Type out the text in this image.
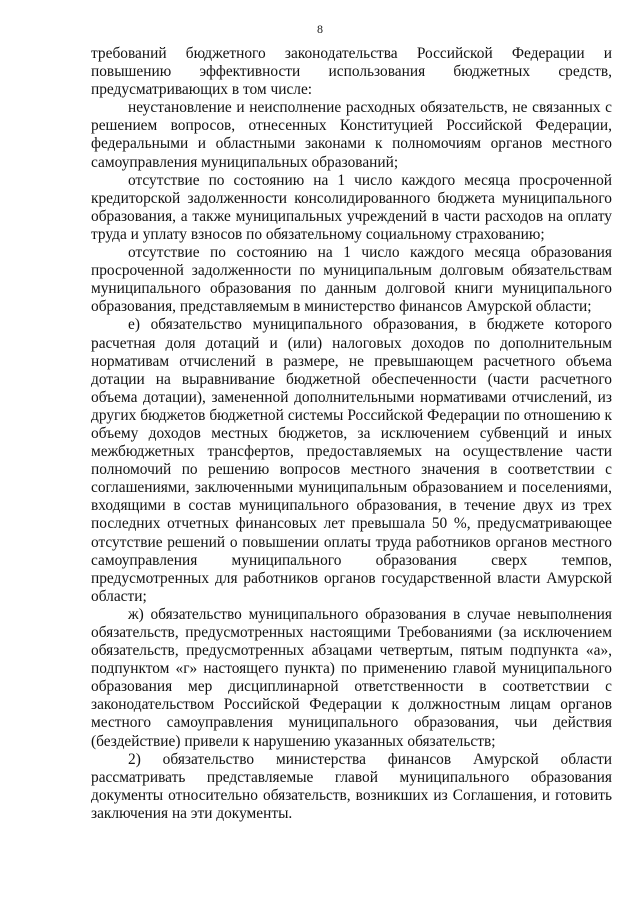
8

требований бюджетного законодательства Российской Федерации и повышению эффективности использования бюджетных средств, предусматривающих в том числе:

неустановление и неисполнение расходных обязательств, не связанных с решением вопросов, отнесенных Конституцией Российской Федерации, федеральными и областными законами к полномочиям органов местного самоуправления муниципальных образований;

отсутствие по состоянию на 1 число каждого месяца просроченной кредиторской задолженности консолидированного бюджета муниципального образования, а также муниципальных учреждений в части расходов на оплату труда и уплату взносов по обязательному социальному страхованию;

отсутствие по состоянию на 1 число каждого месяца образования просроченной задолженности по муниципальным долговым обязательствам муниципального образования по данным долговой книги муниципального образования, представляемым в министерство финансов Амурской области;

е) обязательство муниципального образования, в бюджете которого расчетная доля дотаций и (или) налоговых доходов по дополнительным нормативам отчислений в размере, не превышающем расчетного объема дотации на выравнивание бюджетной обеспеченности (части расчетного объема дотации), замененной дополнительными нормативами отчислений, из других бюджетов бюджетной системы Российской Федерации по отношению к объему доходов местных бюджетов, за исключением субвенций и иных межбюджетных трансфертов, предоставляемых на осуществление части полномочий по решению вопросов местного значения в соответствии с соглашениями, заключенными муниципальным образованием и поселениями, входящими в состав муниципального образования, в течение двух из трех последних отчетных финансовых лет превышала 50 %, предусматривающее отсутствие решений о повышении оплаты труда работников органов местного самоуправления муниципального образования сверх темпов, предусмотренных для работников органов государственной власти Амурской области;

ж) обязательство муниципального образования в случае невыполнения обязательств, предусмотренных настоящими Требованиями (за исключением обязательств, предусмотренных абзацами четвертым, пятым подпункта «а», подпунктом «г» настоящего пункта) по применению главой муниципального образования мер дисциплинарной ответственности в соответствии с законодательством Российской Федерации к должностным лицам органов местного самоуправления муниципального образования, чьи действия (бездействие) привели к нарушению указанных обязательств;

2) обязательство министерства финансов Амурской области рассматривать представляемые главой муниципального образования документы относительно обязательств, возникших из Соглашения, и готовить заключения на эти документы.
